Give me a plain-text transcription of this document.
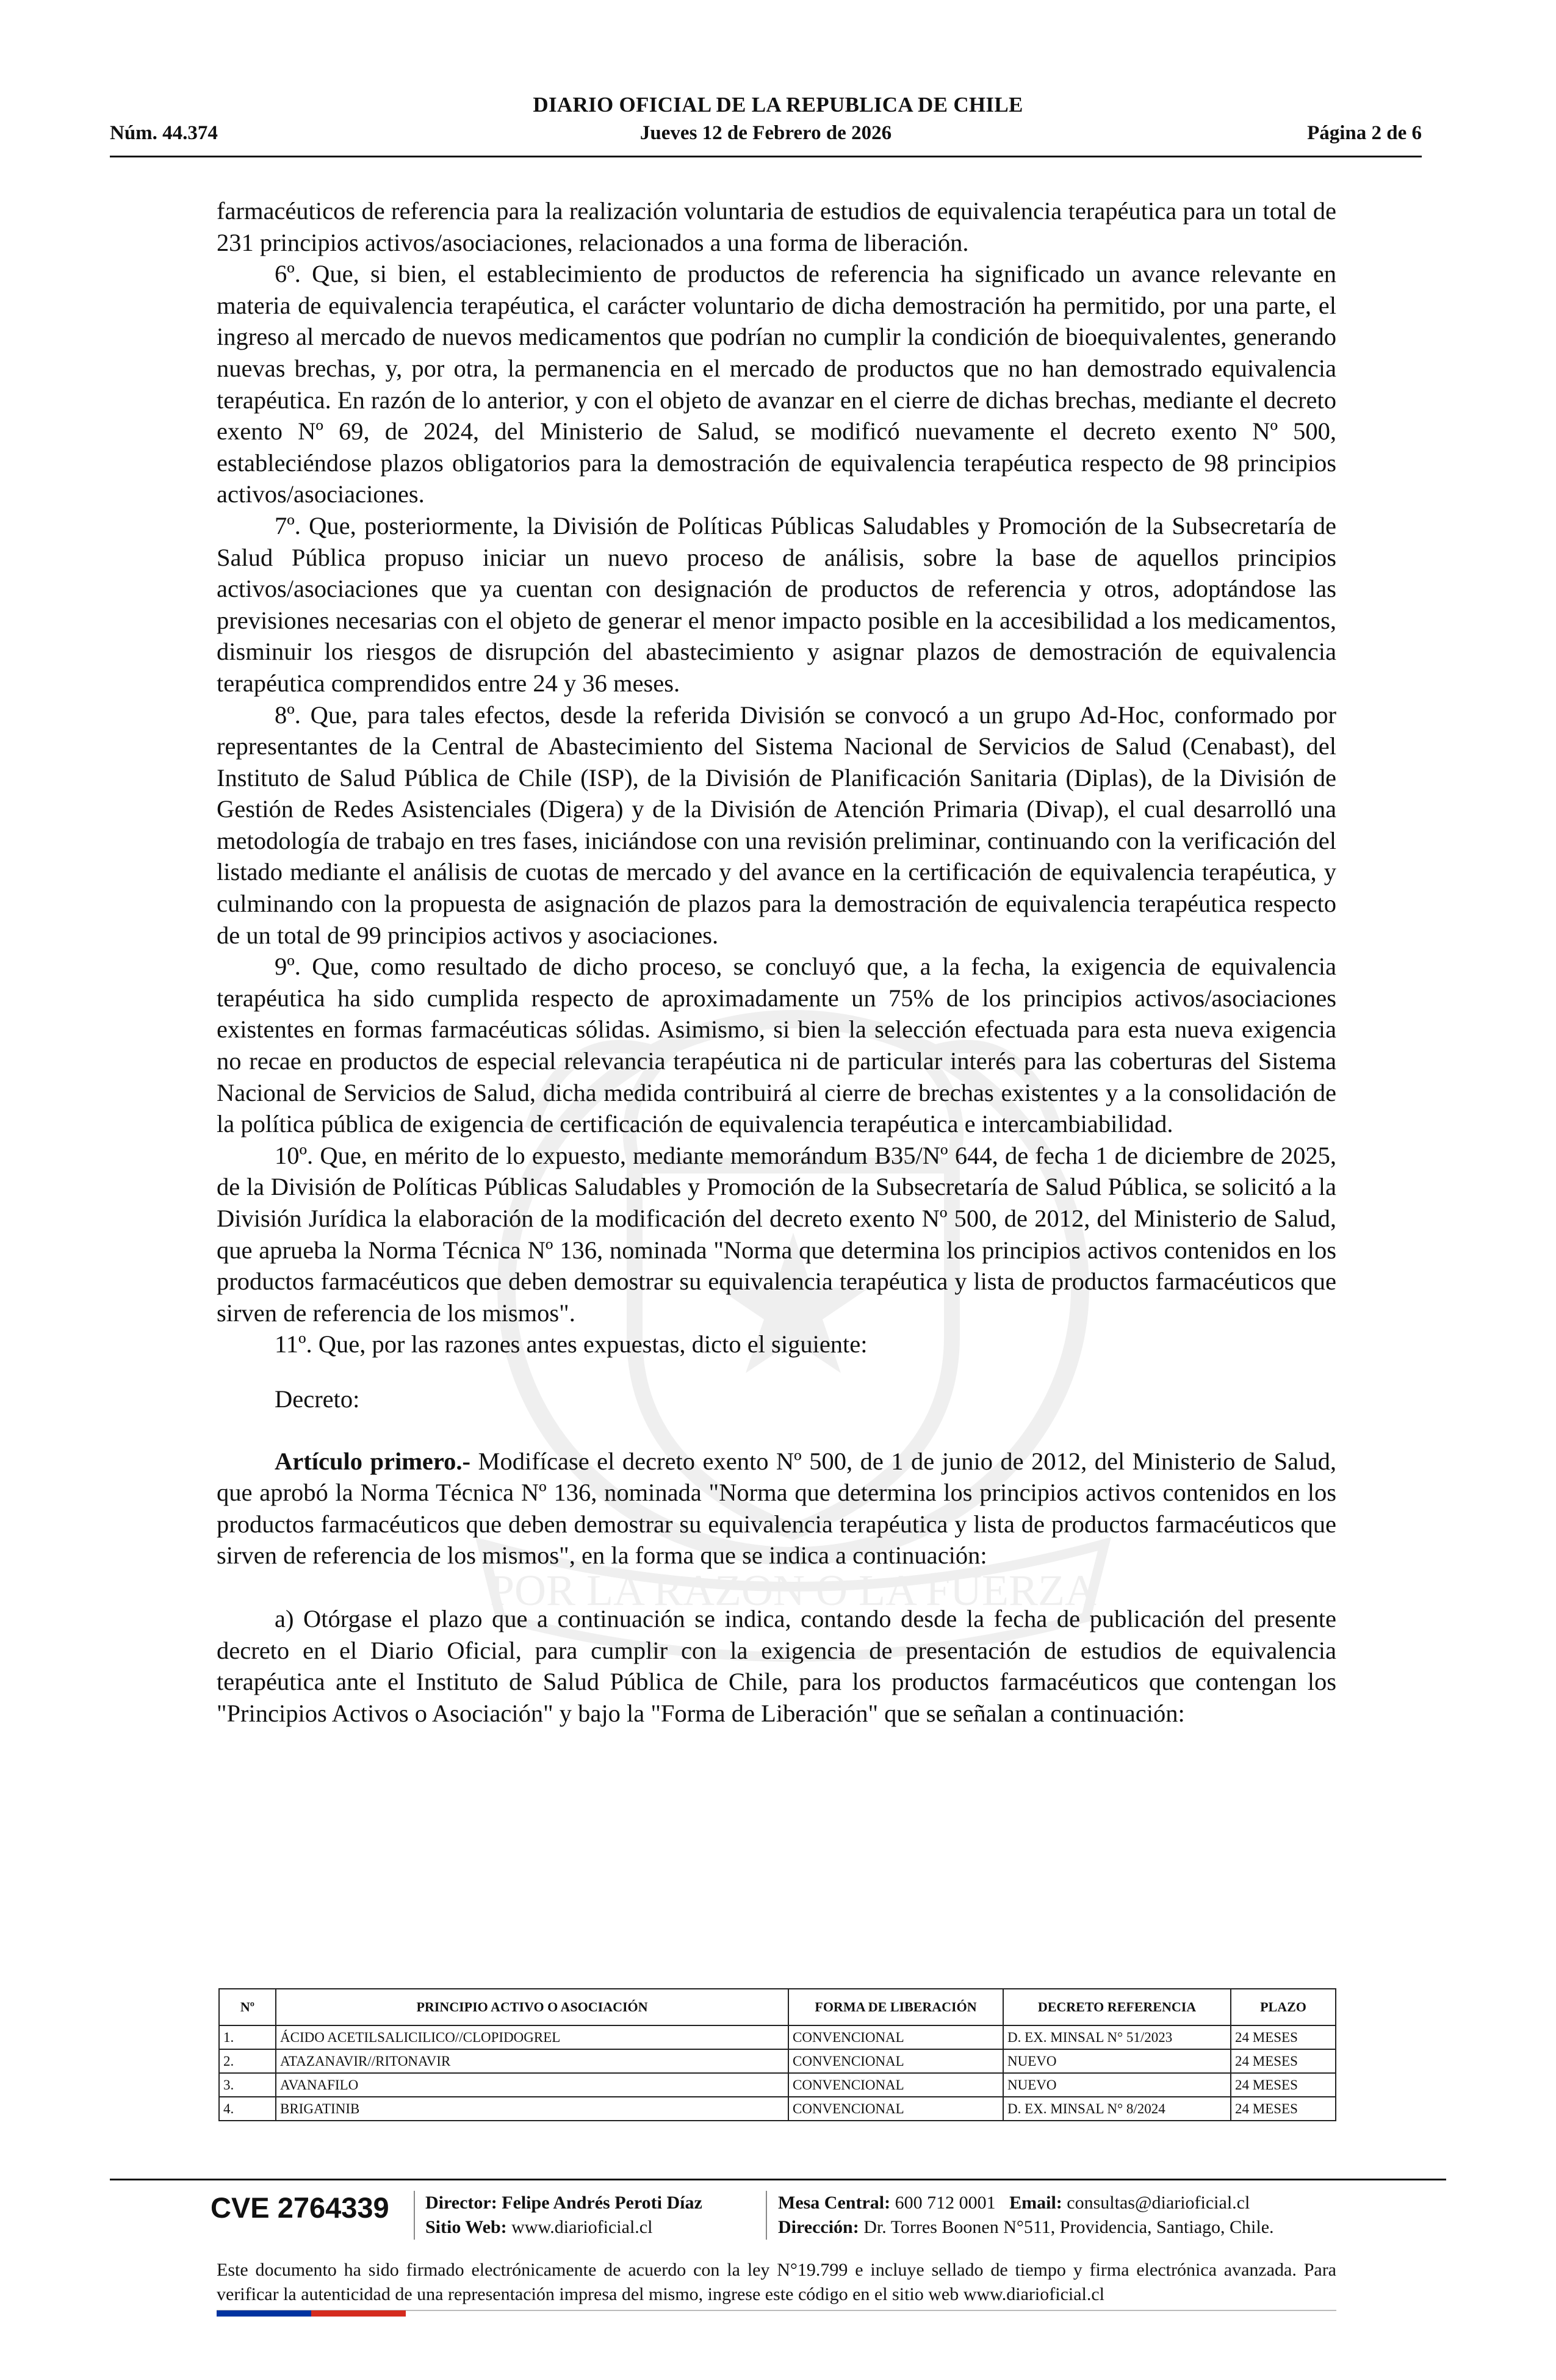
POR LA RAZON O LA FUERZA
DIARIO OFICIAL DE LA REPUBLICA DE CHILE
Jueves 12 de Febrero de 2026
Núm. 44.374	Página 2 de 6

farmacéuticos de referencia para la realización voluntaria de estudios de equivalencia terapéutica para un total de 231 principios activos/asociaciones, relacionados a una forma de liberación.

6º. Que, si bien, el establecimiento de productos de referencia ha significado un avance relevante en materia de equivalencia terapéutica, el carácter voluntario de dicha demostración ha permitido, por una parte, el ingreso al mercado de nuevos medicamentos que podrían no cumplir la condición de bioequivalentes, generando nuevas brechas, y, por otra, la permanencia en el mercado de productos que no han demostrado equivalencia terapéutica. En razón de lo anterior, y con el objeto de avanzar en el cierre de dichas brechas, mediante el decreto exento Nº 69, de 2024, del Ministerio de Salud, se modificó nuevamente el decreto exento Nº 500, estableciéndose plazos obligatorios para la demostración de equivalencia terapéutica respecto de 98 principios activos/asociaciones.

7º. Que, posteriormente, la División de Políticas Públicas Saludables y Promoción de la Subsecretaría de Salud Pública propuso iniciar un nuevo proceso de análisis, sobre la base de aquellos principios activos/asociaciones que ya cuentan con designación de productos de referencia y otros, adoptándose las previsiones necesarias con el objeto de generar el menor impacto posible en la accesibilidad a los medicamentos, disminuir los riesgos de disrupción del abastecimiento y asignar plazos de demostración de equivalencia terapéutica comprendidos entre 24 y 36 meses.

8º. Que, para tales efectos, desde la referida División se convocó a un grupo Ad-Hoc, conformado por representantes de la Central de Abastecimiento del Sistema Nacional de Servicios de Salud (Cenabast), del Instituto de Salud Pública de Chile (ISP), de la División de Planificación Sanitaria (Diplas), de la División de Gestión de Redes Asistenciales (Digera) y de la División de Atención Primaria (Divap), el cual desarrolló una metodología de trabajo en tres fases, iniciándose con una revisión preliminar, continuando con la verificación del listado mediante el análisis de cuotas de mercado y del avance en la certificación de equivalencia terapéutica, y culminando con la propuesta de asignación de plazos para la demostración de equivalencia terapéutica respecto de un total de 99 principios activos y asociaciones.

9º. Que, como resultado de dicho proceso, se concluyó que, a la fecha, la exigencia de equivalencia terapéutica ha sido cumplida respecto de aproximadamente un 75% de los principios activos/asociaciones existentes en formas farmacéuticas sólidas. Asimismo, si bien la selección efectuada para esta nueva exigencia no recae en productos de especial relevancia terapéutica ni de particular interés para las coberturas del Sistema Nacional de Servicios de Salud, dicha medida contribuirá al cierre de brechas existentes y a la consolidación de la política pública de exigencia de certificación de equivalencia terapéutica e intercambiabilidad.

10º. Que, en mérito de lo expuesto, mediante memorándum B35/Nº 644, de fecha 1 de diciembre de 2025, de la División de Políticas Públicas Saludables y Promoción de la Subsecretaría de Salud Pública, se solicitó a la División Jurídica la elaboración de la modificación del decreto exento Nº 500, de 2012, del Ministerio de Salud, que aprueba la Norma Técnica Nº 136, nominada "Norma que determina los principios activos contenidos en los productos farmacéuticos que deben demostrar su equivalencia terapéutica y lista de productos farmacéuticos que sirven de referencia de los mismos".

11º. Que, por las razones antes expuestas, dicto el siguiente:

Decreto:

Artículo primero.- Modifícase el decreto exento Nº 500, de 1 de junio de 2012, del Ministerio de Salud, que aprobó la Norma Técnica Nº 136, nominada "Norma que determina los principios activos contenidos en los productos farmacéuticos que deben demostrar su equivalencia terapéutica y lista de productos farmacéuticos que sirven de referencia de los mismos", en la forma que se indica a continuación:

a) Otórgase el plazo que a continuación se indica, contando desde la fecha de publicación del presente decreto en el Diario Oficial, para cumplir con la exigencia de presentación de estudios de equivalencia terapéutica ante el Instituto de Salud Pública de Chile, para los productos farmacéuticos que contengan los "Principios Activos o Asociación" y bajo la "Forma de Liberación" que se señalan a continuación:

Nº	PRINCIPIO ACTIVO O ASOCIACIÓN	FORMA DE LIBERACIÓN	DECRETO REFERENCIA	PLAZO
1.	ÁCIDO ACETILSALICILICO//CLOPIDOGREL	CONVENCIONAL	D. EX. MINSAL N° 51/2023	24 MESES
2.	ATAZANAVIR//RITONAVIR	CONVENCIONAL	NUEVO	24 MESES
3.	AVANAFILO	CONVENCIONAL	NUEVO	24 MESES
4.	BRIGATINIB	CONVENCIONAL	D. EX. MINSAL N° 8/2024	24 MESES
CVE 2764339 Director: Felipe Andrés Peroti Díaz
Sitio Web: www.diarioficial.cl
Mesa Central: 600 712 0001 Email: consultas@diarioficial.cl
Dirección: Dr. Torres Boonen N°511, Providencia, Santiago, Chile.
Este documento ha sido firmado electrónicamente de acuerdo con la ley N°19.799 e incluye sellado de tiempo y firma electrónica avanzada. Para verificar la autenticidad de una representación impresa del mismo, ingrese este código en el sitio web www.diarioficial.cl
